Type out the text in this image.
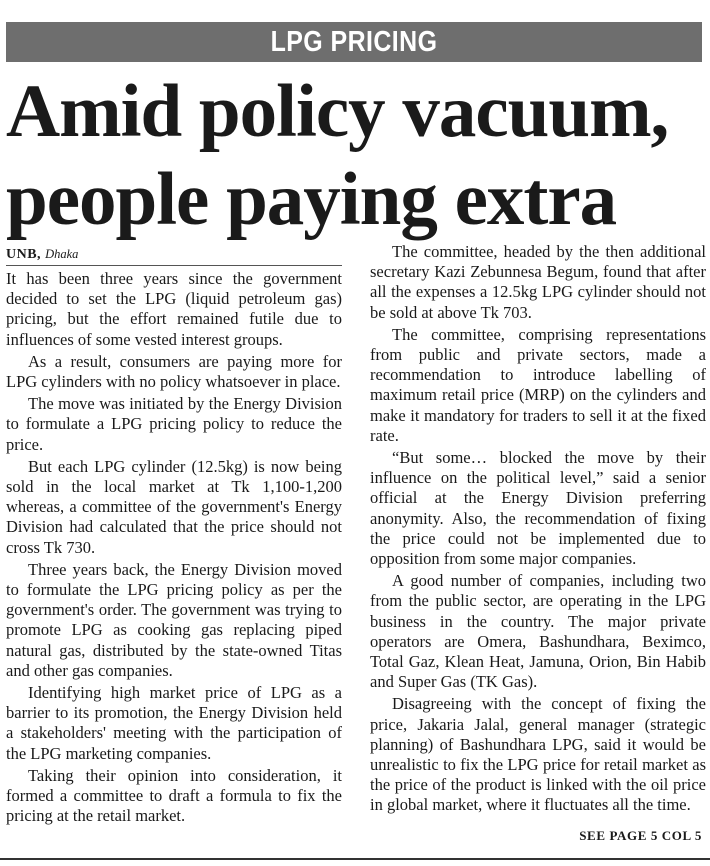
LPG PRICING
Amid policy vacuum, people paying extra
UNB, Dhaka

It has been three years since the government decided to set the LPG (liquid petroleum gas) pricing, but the effort remained futile due to influences of some vested interest groups.

As a result, consumers are paying more for LPG cylinders with no policy whatsoever in place.

The move was initiated by the Energy Division to formulate a LPG pricing policy to reduce the price.

But each LPG cylinder (12.5kg) is now being sold in the local market at Tk 1,100-1,200 whereas, a committee of the government's Energy Division had calculated that the price should not cross Tk 730.

Three years back, the Energy Division moved to formulate the LPG pricing policy as per the government's order. The government was trying to promote LPG as cooking gas replacing piped natural gas, distributed by the state-owned Titas and other gas companies.

Identifying high market price of LPG as a barrier to its promotion, the Energy Division held a stakeholders' meeting with the participation of the LPG marketing companies.

Taking their opinion into consideration, it formed a committee to draft a formula to fix the pricing at the retail market.

The committee, headed by the then additional secretary Kazi Zebunnesa Begum, found that after all the expenses a 12.5kg LPG cylinder should not be sold at above Tk 703.

The committee, comprising representations from public and private sectors, made a recommendation to introduce labelling of maximum retail price (MRP) on the cylinders and make it mandatory for traders to sell it at the fixed rate.

“But some… blocked the move by their influence on the political level,” said a senior official at the Energy Division preferring anonymity. Also, the recommendation of fixing the price could not be implemented due to opposition from some major companies.

A good number of companies, including two from the public sector, are operating in the LPG business in the country. The major private operators are Omera, Bashundhara, Beximco, Total Gaz, Klean Heat, Jamuna, Orion, Bin Habib and Super Gas (TK Gas).

Disagreeing with the concept of fixing the price, Jakaria Jalal, general manager (strategic planning) of Bashundhara LPG, said it would be unrealistic to fix the LPG price for retail market as the price of the product is linked with the oil price in global market, where it fluctuates all the time.

SEE PAGE 5 COL 5
